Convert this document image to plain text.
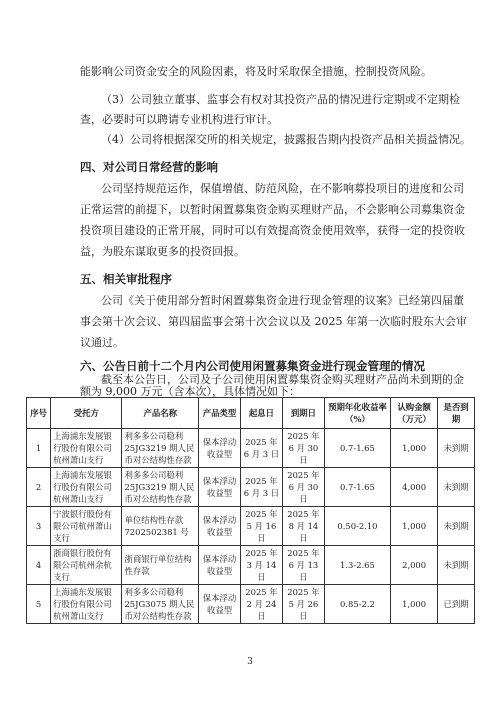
能影响公司资金安全的风险因素，将及时采取保全措施，控制投资风险。
（3）公司独立董事、监事会有权对其投资产品的情况进行定期或不定期检
查，必要时可以聘请专业机构进行审计。
（4）公司将根据深交所的相关规定，披露报告期内投资产品相关损益情况。
四、对公司日常经营的影响
公司坚持规范运作，保值增值、防范风险，在不影响募投项目的进度和公司
正常运营的前提下，以暂时闲置募集资金购买理财产品，不会影响公司募集资金
投资项目建设的正常开展，同时可以有效提高资金使用效率，获得一定的投资收
益，为股东谋取更多的投资回报。
五、相关审批程序
公司《关于使用部分暂时闲置募集资金进行现金管理的议案》已经第四届董
事会第十次会议、第四届监事会第十次会议以及 2025 年第一次临时股东大会审
议通过。
六、公告日前十二个月内公司使用闲置募集资金进行现金管理的情况
截至本公告日，公司及子公司使用闲置募集资金购买理财产品尚未到期的金
额为 9,000 万元（含本次），具体情况如下：
序号	受托方	产品名称	产品类型	起息日	到期日	预期年化收益率（%）	认购金额（万元）	是否到期
1	上海浦东发展银行股份有限公司杭州萧山支行	利多多公司稳利25JG3219 期人民币对公结构性存款	保本浮动收益型	2025 年 6 月 3 日	2025 年 6 月 30 日	0.7-1.65	1,000	未到期
2	上海浦东发展银行股份有限公司杭州萧山支行	利多多公司稳利25JG3219 期人民币对公结构性存款	保本浮动收益型	2025 年 6 月 3 日	2025 年 6 月 30 日	0.7-1.65	4,000	未到期
3	宁波银行股份有限公司杭州萧山支行	单位结构性存款7202502381 号	保本浮动收益型	2025 年 5 月 16 日	2025 年 8 月 14 日	0.50-2.10	1,000	未到期
4	浙商银行股份有限公司杭州余杭支行	浙商银行单位结构性存款	保本浮动收益型	2025 年 3 月 14 日	2025 年 6 月 13 日	1.3-2.65	2,000	未到期
5	上海浦东发展银行股份有限公司杭州萧山支行	利多多公司稳利25JG3075 期人民币对公结构性存款	保本浮动收益型	2025 年 2 月 24 日	2025 年 5 月 26 日	0.85-2.2	1,000	已到期
3
